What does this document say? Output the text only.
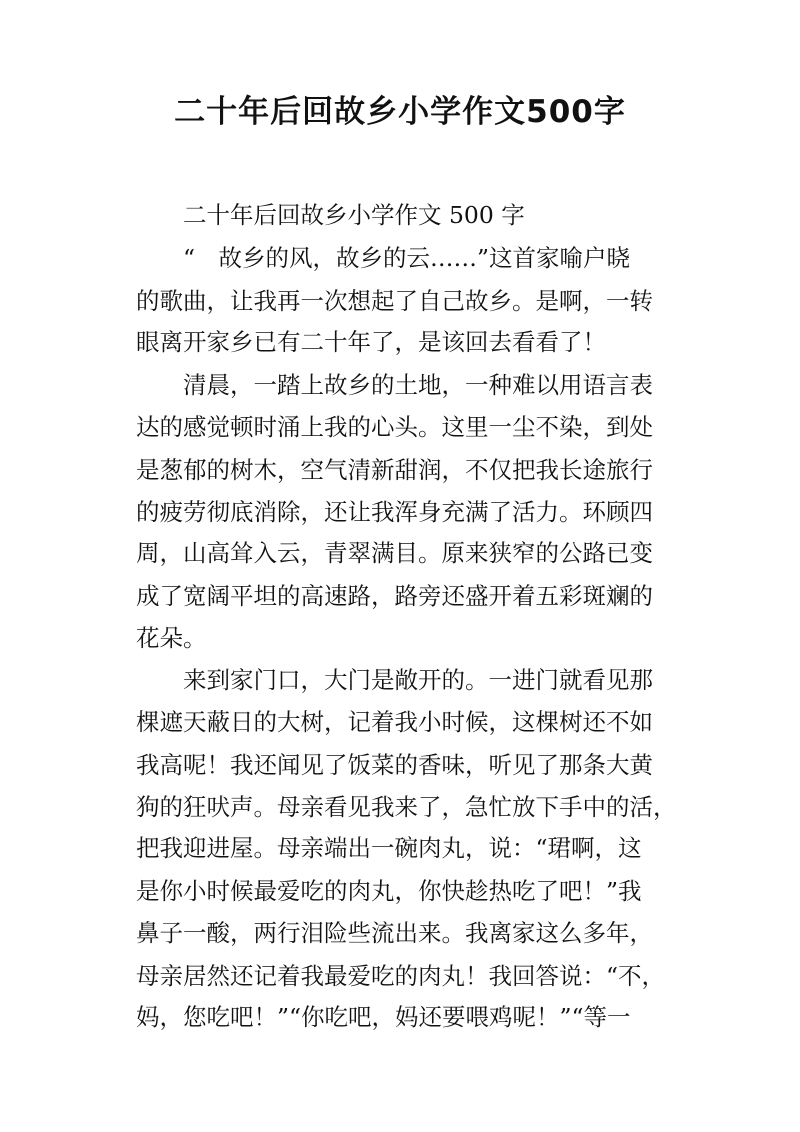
二十年后回故乡小学作文500字

二十年后回故乡小学作文 500 字

“　故乡的风，故乡的云……”这首家喻户晓

的歌曲，让我再一次想起了自己故乡。是啊，一转

眼离开家乡已有二十年了，是该回去看看了！

清晨，一踏上故乡的土地，一种难以用语言表

达的感觉顿时涌上我的心头。这里一尘不染，到处

是葱郁的树木，空气清新甜润，不仅把我长途旅行

的疲劳彻底消除，还让我浑身充满了活力。环顾四

周，山高耸入云，青翠满目。原来狭窄的公路已变

成了宽阔平坦的高速路，路旁还盛开着五彩斑斓的

花朵。

来到家门口，大门是敞开的。一进门就看见那

棵遮天蔽日的大树，记着我小时候，这棵树还不如

我高呢！我还闻见了饭菜的香味，听见了那条大黄

狗的狂吠声。母亲看见我来了，急忙放下手中的活，

把我迎进屋。母亲端出一碗肉丸，说：“珺啊，这

是你小时候最爱吃的肉丸，你快趁热吃了吧！”我

鼻子一酸，两行泪险些流出来。我离家这么多年，

母亲居然还记着我最爱吃的肉丸！我回答说：“不，

妈，您吃吧！”“你吃吧，妈还要喂鸡呢！”“等一
